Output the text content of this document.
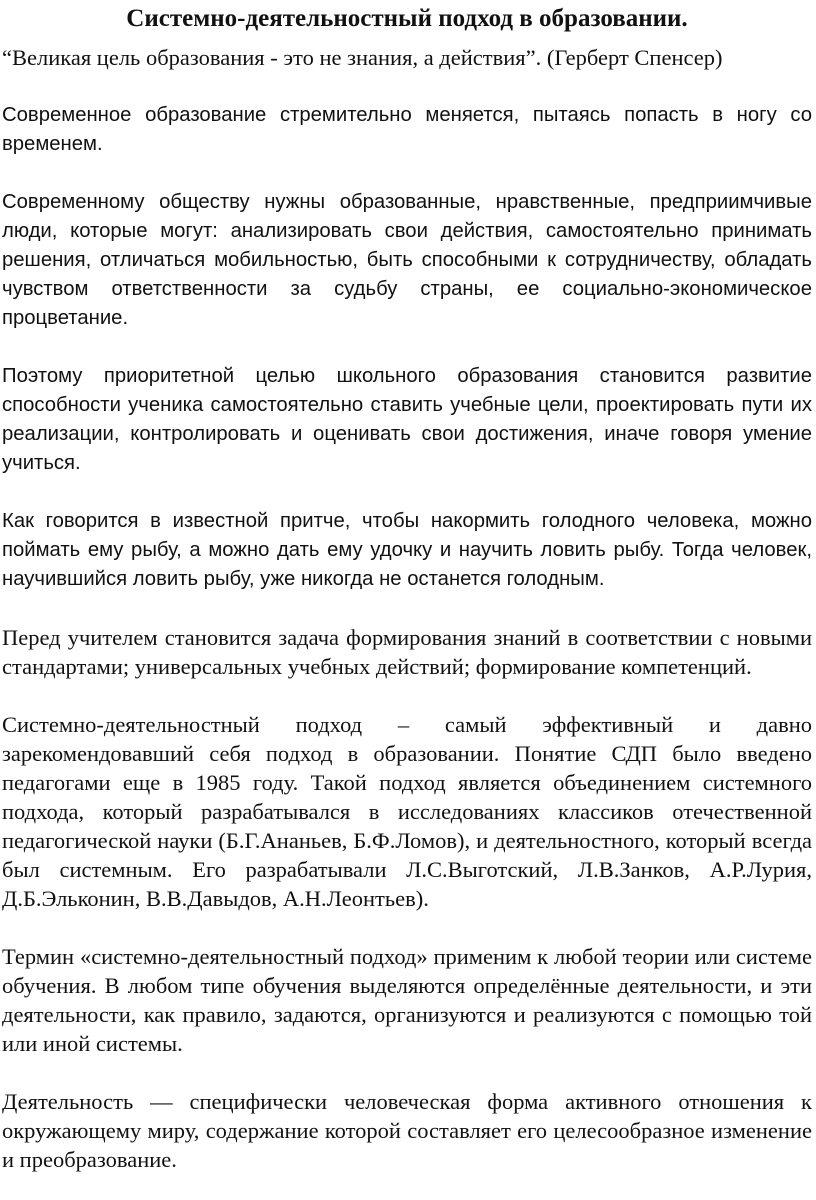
Системно-деятельностный подход в образовании.
“Великая цель образования - это не знания, а действия”. (Герберт Спенсер)
Современное образование стремительно меняется, пытаясь попасть в ногу со временем.
Современному обществу нужны образованные, нравственные, предприимчивые люди, которые могут: анализировать свои действия, самостоятельно принимать решения, отличаться мобильностью, быть способными к сотрудничеству, обладать чувством ответственности за судьбу страны, ее социально-экономическое процветание.
Поэтому приоритетной целью школьного образования становится развитие способности ученика самостоятельно ставить учебные цели, проектировать пути их реализации, контролировать и оценивать свои достижения, иначе говоря умение учиться.
Как говорится в известной притче, чтобы накормить голодного человека, можно поймать ему рыбу, а можно дать ему удочку и научить ловить рыбу. Тогда человек, научившийся ловить рыбу, уже никогда не останется голодным.
Перед учителем становится задача формирования знаний в соответствии с новыми стандартами; универсальных учебных действий; формирование компетенций.
Системно-деятельностный подход – самый эффективный и давно зарекомендовавший себя подход в образовании. Понятие СДП было введено педагогами еще в 1985 году. Такой подход является объединением системного подхода, который разрабатывался в исследованиях классиков отечественной педагогической науки (Б.Г.Ананьев, Б.Ф.Ломов), и деятельностного, который всегда был системным. Его разрабатывали Л.С.Выготский, Л.В.Занков, А.Р.Лурия, Д.Б.Эльконин, В.В.Давыдов, А.Н.Леонтьев).
Термин «системно-деятельностный подход» применим к любой теории или системе обучения. В любом типе обучения выделяются определённые деятельности, и эти деятельности, как правило, задаются, организуются и реализуются с помощью той или иной системы.
Деятельность — специфически человеческая форма активного отношения к окружающему миру, содержание которой составляет его целесообразное изменение и преобразование.
